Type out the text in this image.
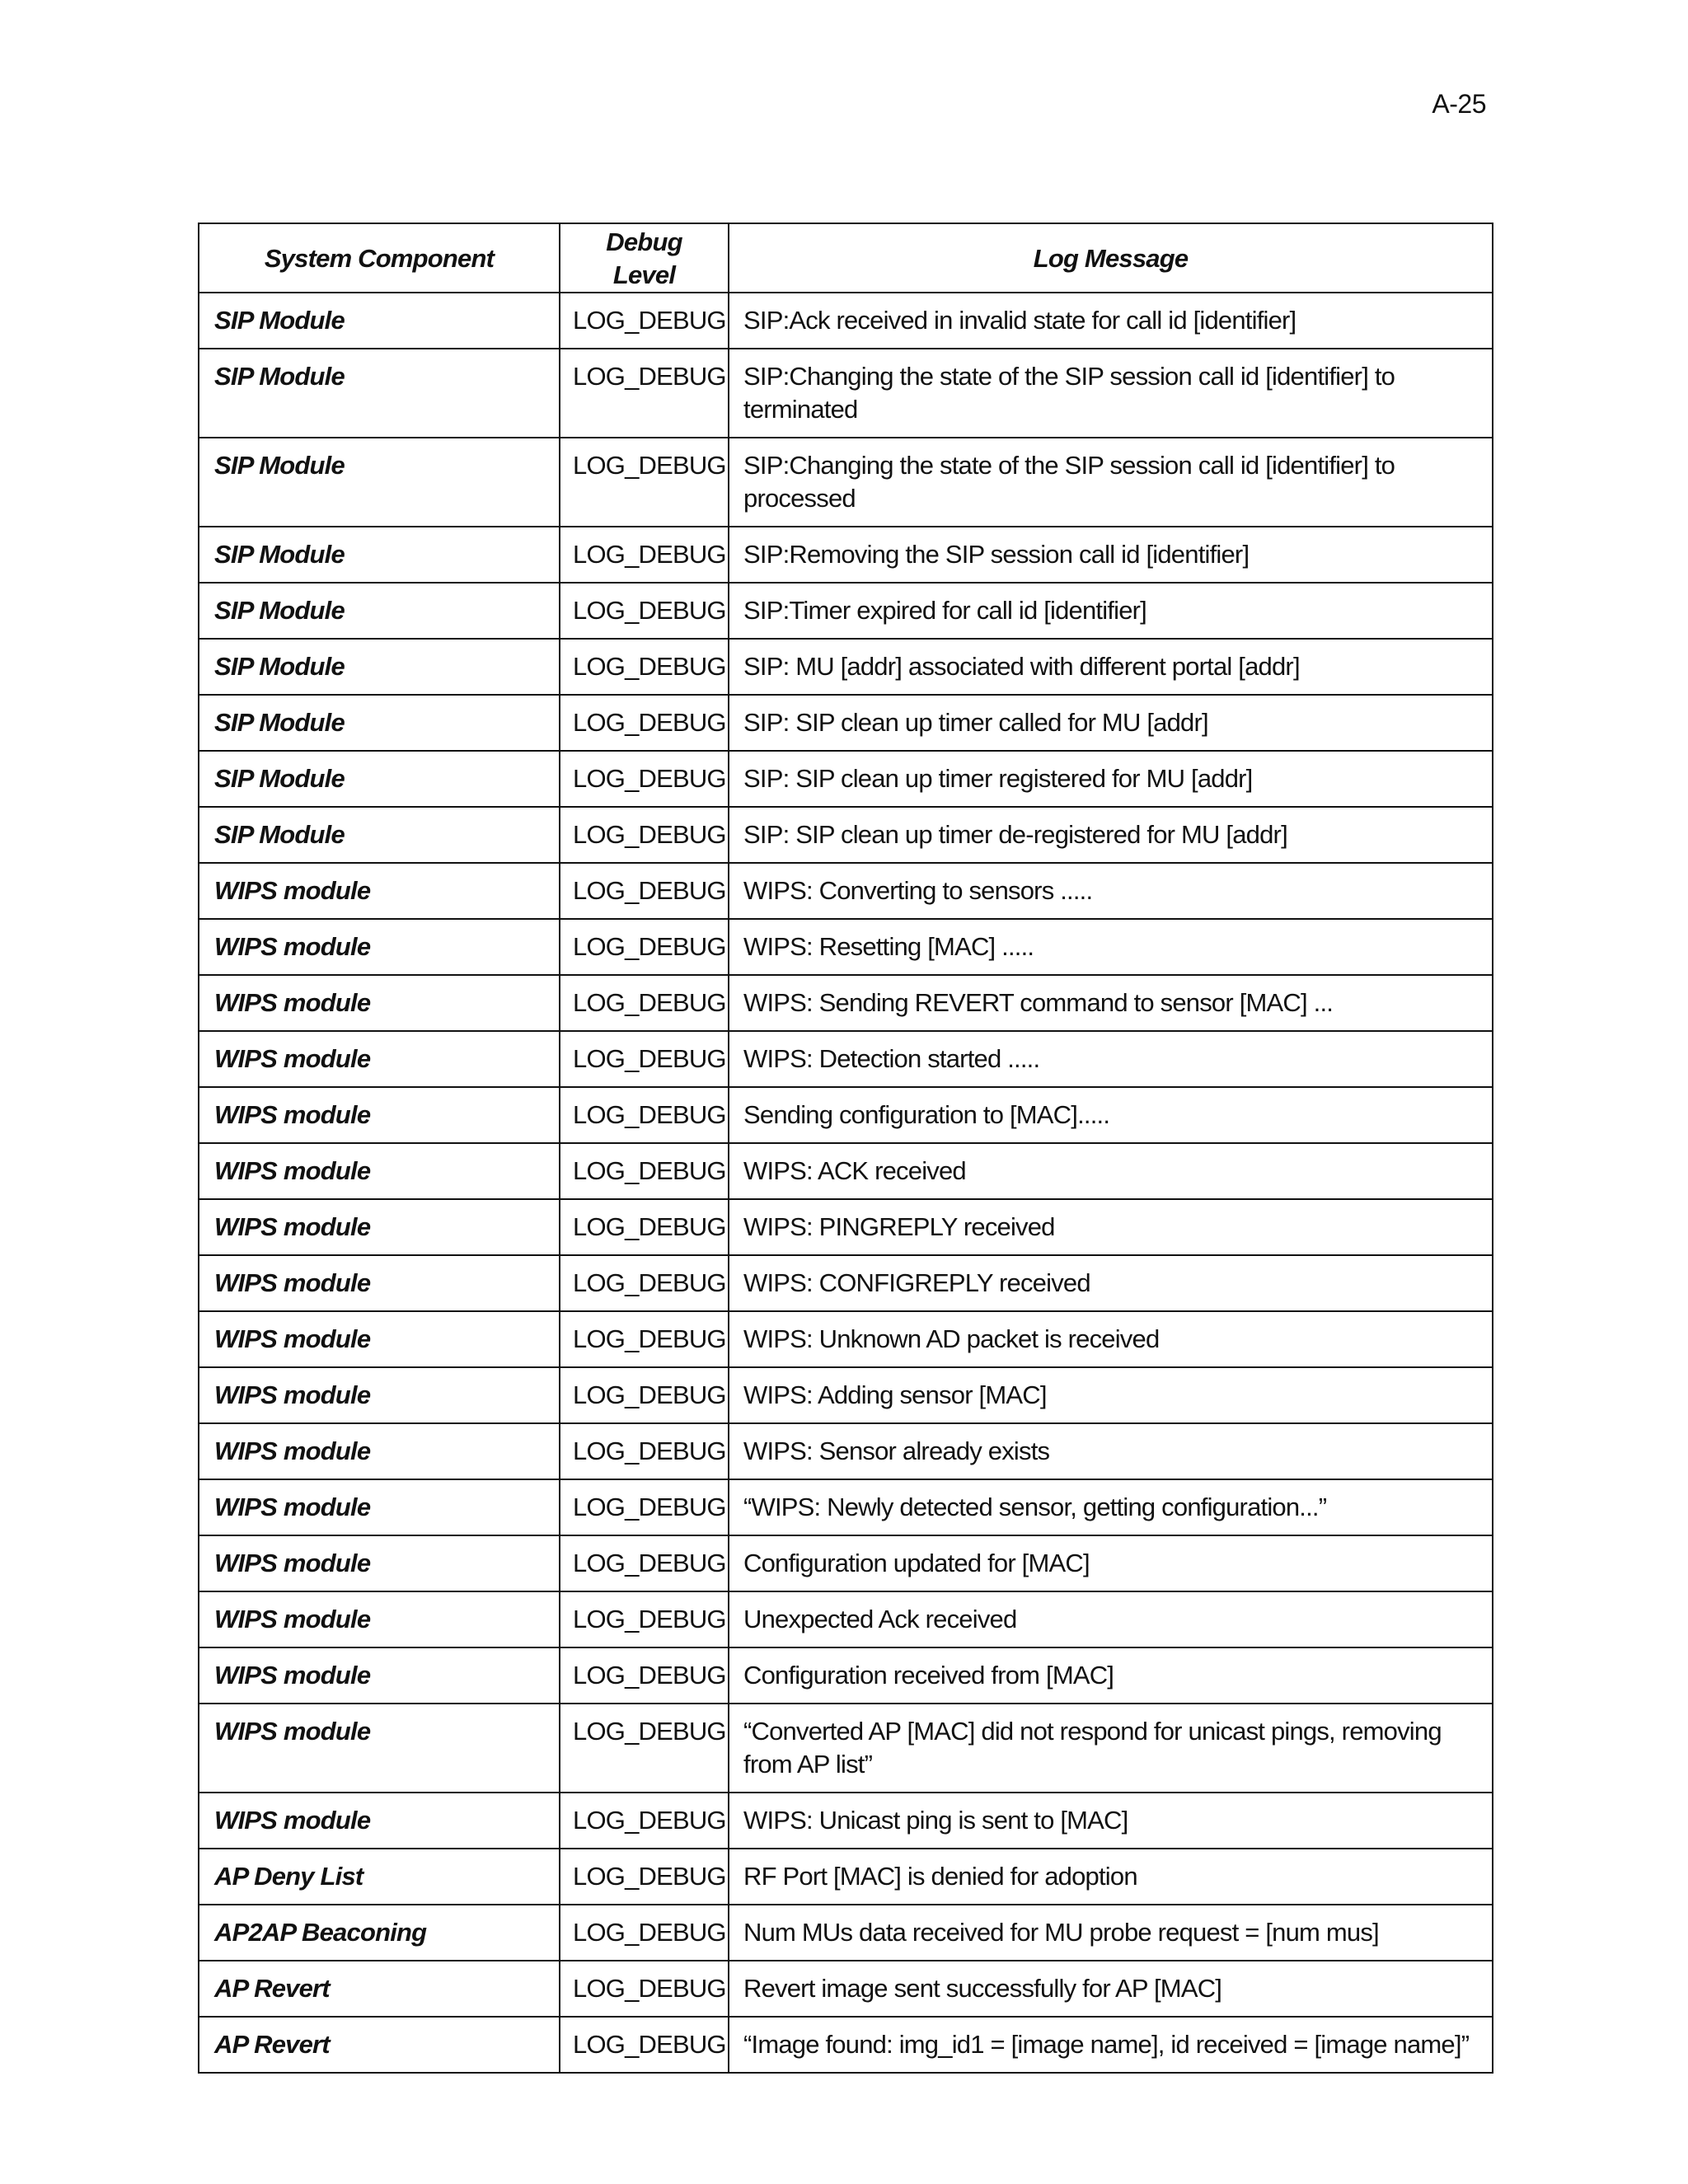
A-25
System Component	Debug Level	Log Message
SIP Module	LOG_DEBUG	SIP:Ack received in invalid state for call id [identifier]
SIP Module	LOG_DEBUG	SIP:Changing the state of the SIP session call id [identifier] to terminated
SIP Module	LOG_DEBUG	SIP:Changing the state of the SIP session call id [identifier] to processed
SIP Module	LOG_DEBUG	SIP:Removing the SIP session call id [identifier]
SIP Module	LOG_DEBUG	SIP:Timer expired for call id [identifier]
SIP Module	LOG_DEBUG	SIP: MU [addr] associated with different portal [addr]
SIP Module	LOG_DEBUG	SIP: SIP clean up timer called for MU [addr]
SIP Module	LOG_DEBUG	SIP: SIP clean up timer registered for MU [addr]
SIP Module	LOG_DEBUG	SIP: SIP clean up timer de-registered for MU [addr]
WIPS module	LOG_DEBUG	WIPS: Converting to sensors .....
WIPS module	LOG_DEBUG	WIPS: Resetting [MAC] .....
WIPS module	LOG_DEBUG	WIPS: Sending REVERT command to sensor [MAC] ...
WIPS module	LOG_DEBUG	WIPS: Detection started .....
WIPS module	LOG_DEBUG	Sending configuration to [MAC].....
WIPS module	LOG_DEBUG	WIPS: ACK received
WIPS module	LOG_DEBUG	WIPS: PINGREPLY received
WIPS module	LOG_DEBUG	WIPS: CONFIGREPLY received
WIPS module	LOG_DEBUG	WIPS: Unknown AD packet is received
WIPS module	LOG_DEBUG	WIPS: Adding sensor [MAC]
WIPS module	LOG_DEBUG	WIPS: Sensor already exists
WIPS module	LOG_DEBUG	“WIPS: Newly detected sensor, getting configuration...”
WIPS module	LOG_DEBUG	Configuration updated for [MAC]
WIPS module	LOG_DEBUG	Unexpected Ack received
WIPS module	LOG_DEBUG	Configuration received from [MAC]
WIPS module	LOG_DEBUG	“Converted AP [MAC] did not respond for unicast pings, removing from AP list”
WIPS module	LOG_DEBUG	WIPS: Unicast ping is sent to [MAC]
AP Deny List	LOG_DEBUG	RF Port [MAC] is denied for adoption
AP2AP Beaconing	LOG_DEBUG	Num MUs data received for MU probe request = [num mus]
AP Revert	LOG_DEBUG	Revert image sent successfully for AP [MAC]
AP Revert	LOG_DEBUG	“Image found: img_id1 = [image name], id received = [image name]”
